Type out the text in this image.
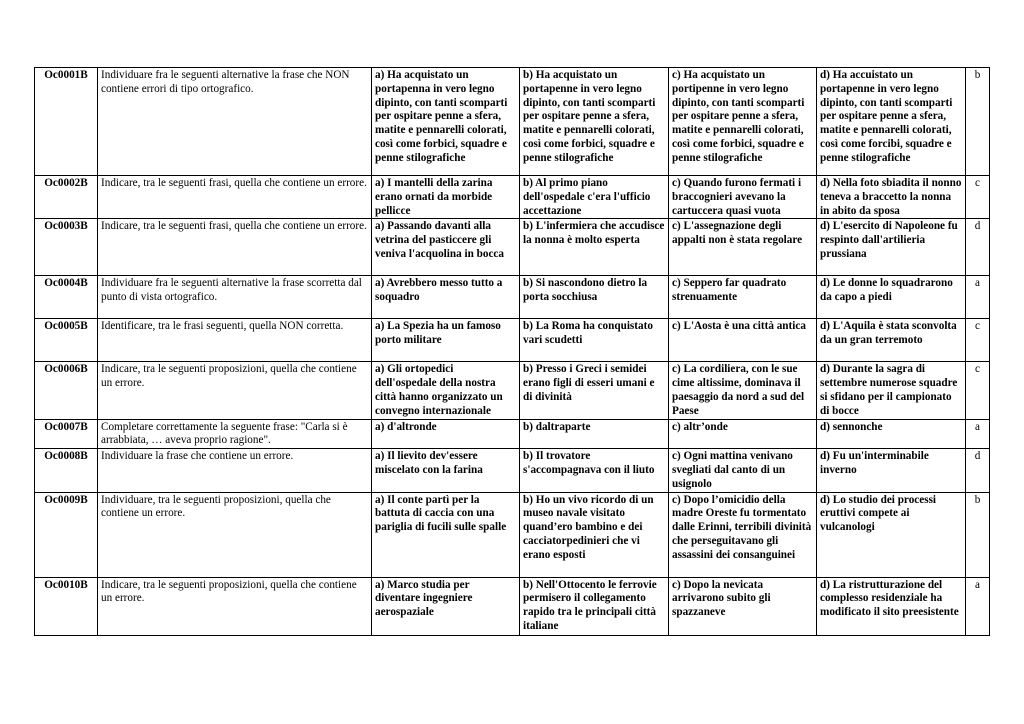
Oc0001B	Individuare fra le seguenti alternative la frase che NON contiene errori di tipo ortografico.	a) Ha acquistato un portapenna in vero legno dipinto, con tanti scomparti per ospitare penne a sfera, matite e pennarelli colorati, così come forbici, squadre e penne stilografiche	b) Ha acquistato un portapenne in vero legno dipinto, con tanti scomparti per ospitare penne a sfera, matite e pennarelli colorati, così come forbici, squadre e penne stilografiche	c) Ha acquistato un portipenne in vero legno dipinto, con tanti scomparti per ospitare penne a sfera, matite e pennarelli colorati, così come forbici, squadre e penne stilografiche	d) Ha accuistato un portapenne in vero legno dipinto, con tanti scomparti per ospitare penne a sfera, matite e pennarelli colorati, così come forcibi, squadre e penne stilografiche	b
Oc0002B	Indicare, tra le seguenti frasi, quella che contiene un errore.	a) I mantelli della zarina erano ornati da morbide pellicce	b) Al primo piano dell'ospedale c'era l'ufficio accettazione	c) Quando furono fermati i braccognieri avevano la cartuccera quasi vuota	d) Nella foto sbiadita il nonno teneva a braccetto la nonna in abito da sposa	c
Oc0003B	Indicare, tra le seguenti frasi, quella che contiene un errore.	a) Passando davanti alla vetrina del pasticcere gli veniva l'acquolina in bocca	b) L'infermiera che accudisce la nonna è molto esperta	c) L'assegnazione degli appalti non è stata regolare	d) L'esercito di Napoleone fu respinto dall'artilieria prussiana	d
Oc0004B	Individuare fra le seguenti alternative la frase scorretta dal punto di vista ortografico.	a) Avrebbero messo tutto a soquadro	b) Si nascondono dietro la porta socchiusa	c) Seppero far quadrato strenuamente	d) Le donne lo squadrarono da capo a piedi	a
Oc0005B	Identificare, tra le frasi seguenti, quella NON corretta.	a) La Spezia ha un famoso porto militare	b) La Roma ha conquistato vari scudetti	c) L'Aosta è una città antica	d) L'Aquila è stata sconvolta da un gran terremoto	c
Oc0006B	Indicare, tra le seguenti proposizioni, quella che contiene un errore.	a) Gli ortopedici dell'ospedale della nostra città hanno organizzato un convegno internazionale	b) Presso i Greci i semidei erano figli di esseri umani e di divinità	c) La cordiliera, con le sue cime altissime, dominava il paesaggio da nord a sud del Paese	d) Durante la sagra di settembre numerose squadre si sfidano per il campionato di bocce	c
Oc0007B	Completare correttamente la seguente frase: "Carla si è arrabbiata, … aveva proprio ragione".	a) d'altronde	b) daltraparte	c) altr’onde	d) sennonche	a
Oc0008B	Individuare la frase che contiene un errore.	a) Il lievito dev'essere miscelato con la farina	b) Il trovatore s'accompagnava con il liuto	c) Ogni mattina venivano svegliati dal canto di un usignolo	d) Fu un'interminabile inverno	d
Oc0009B	Individuare, tra le seguenti proposizioni, quella che contiene un errore.	a) Il conte partì per la battuta di caccia con una pariglia di fucili sulle spalle	b) Ho un vivo ricordo di un museo navale visitato quand’ero bambino e dei cacciatorpedinieri che vi erano esposti	c) Dopo l’omicidio della madre Oreste fu tormentato dalle Erinni, terribili divinità che perseguitavano gli assassini dei consanguinei	d) Lo studio dei processi eruttivi compete ai vulcanologi	b
Oc0010B	Indicare, tra le seguenti proposizioni, quella che contiene un errore.	a) Marco studia per diventare ingegniere aerospaziale	b) Nell'Ottocento le ferrovie permisero il collegamento rapido tra le principali città italiane	c) Dopo la nevicata arrivarono subito gli spazzaneve	d) La ristrutturazione del complesso residenziale ha modificato il sito preesistente	a
